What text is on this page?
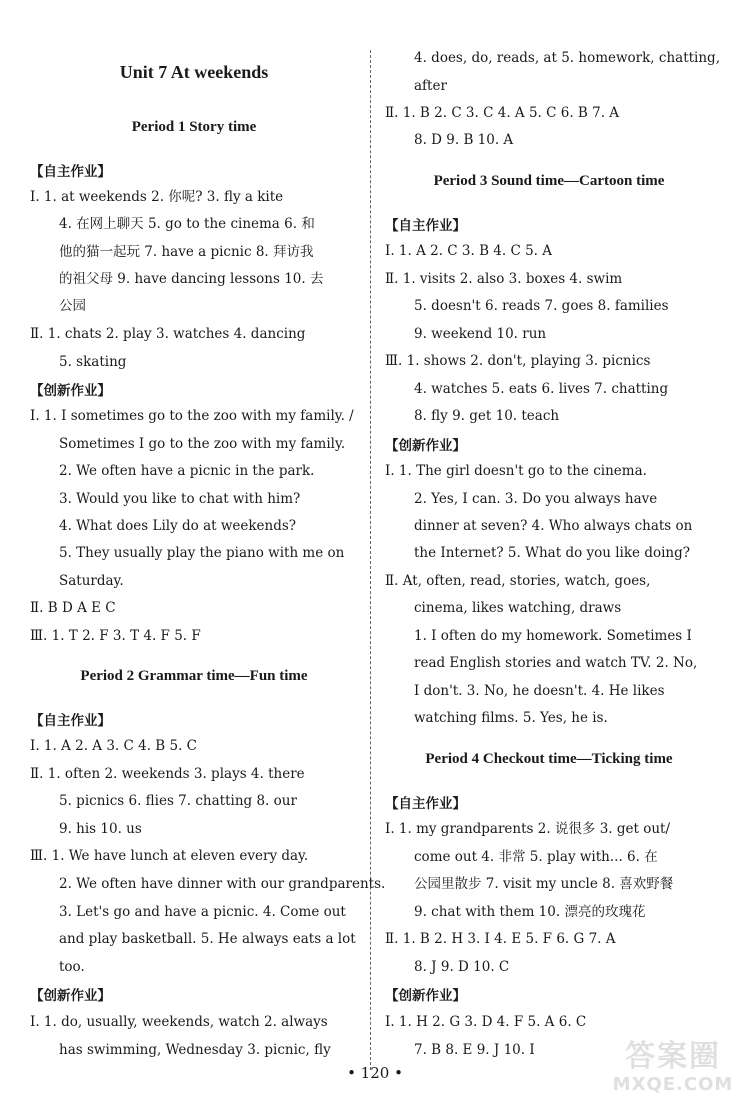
Unit 7 At weekends
Period 1 Story time
【自主作业】
Ⅰ. 1. at weekends 2. 你呢? 3. fly a kite
4. 在网上聊天 5. go to the cinema 6. 和
他的猫一起玩 7. have a picnic 8. 拜访我
的祖父母 9. have dancing lessons 10. 去
公园
Ⅱ. 1. chats 2. play 3. watches 4. dancing
5. skating
【创新作业】
Ⅰ. 1. I sometimes go to the zoo with my family. /
Sometimes I go to the zoo with my family.
2. We often have a picnic in the park.
3. Would you like to chat with him?
4. What does Lily do at weekends?
5. They usually play the piano with me on
Saturday.
Ⅱ. B D A E C
Ⅲ. 1. T 2. F 3. T 4. F 5. F
Period 2 Grammar time—Fun time
【自主作业】
Ⅰ. 1. A 2. A 3. C 4. B 5. C
Ⅱ. 1. often 2. weekends 3. plays 4. there
5. picnics 6. flies 7. chatting 8. our
9. his 10. us
Ⅲ. 1. We have lunch at eleven every day.
2. We often have dinner with our grandparents.
3. Let's go and have a picnic. 4. Come out
and play basketball. 5. He always eats a lot
too.
【创新作业】
Ⅰ. 1. do, usually, weekends, watch 2. always
has swimming, Wednesday 3. picnic, fly
4. does, do, reads, at 5. homework, chatting,
after
Ⅱ. 1. B 2. C 3. C 4. A 5. C 6. B 7. A
8. D 9. B 10. A
Period 3 Sound time—Cartoon time
【自主作业】
Ⅰ. 1. A 2. C 3. B 4. C 5. A
Ⅱ. 1. visits 2. also 3. boxes 4. swim
5. doesn't 6. reads 7. goes 8. families
9. weekend 10. run
Ⅲ. 1. shows 2. don't, playing 3. picnics
4. watches 5. eats 6. lives 7. chatting
8. fly 9. get 10. teach
【创新作业】
Ⅰ. 1. The girl doesn't go to the cinema.
2. Yes, I can. 3. Do you always have
dinner at seven? 4. Who always chats on
the Internet? 5. What do you like doing?
Ⅱ. At, often, read, stories, watch, goes,
cinema, likes watching, draws
1. I often do my homework. Sometimes I
read English stories and watch TV. 2. No,
I don't. 3. No, he doesn't. 4. He likes
watching films. 5. Yes, he is.
Period 4 Checkout time—Ticking time
【自主作业】
Ⅰ. 1. my grandparents 2. 说很多 3. get out/
come out 4. 非常 5. play with... 6. 在
公园里散步 7. visit my uncle 8. 喜欢野餐
9. chat with them 10. 漂亮的玫瑰花
Ⅱ. 1. B 2. H 3. I 4. E 5. F 6. G 7. A
8. J 9. D 10. C
【创新作业】
Ⅰ. 1. H 2. G 3. D 4. F 5. A 6. C
7. B 8. E 9. J 10. I
• 120 •	答案圈
MXQE.COM
